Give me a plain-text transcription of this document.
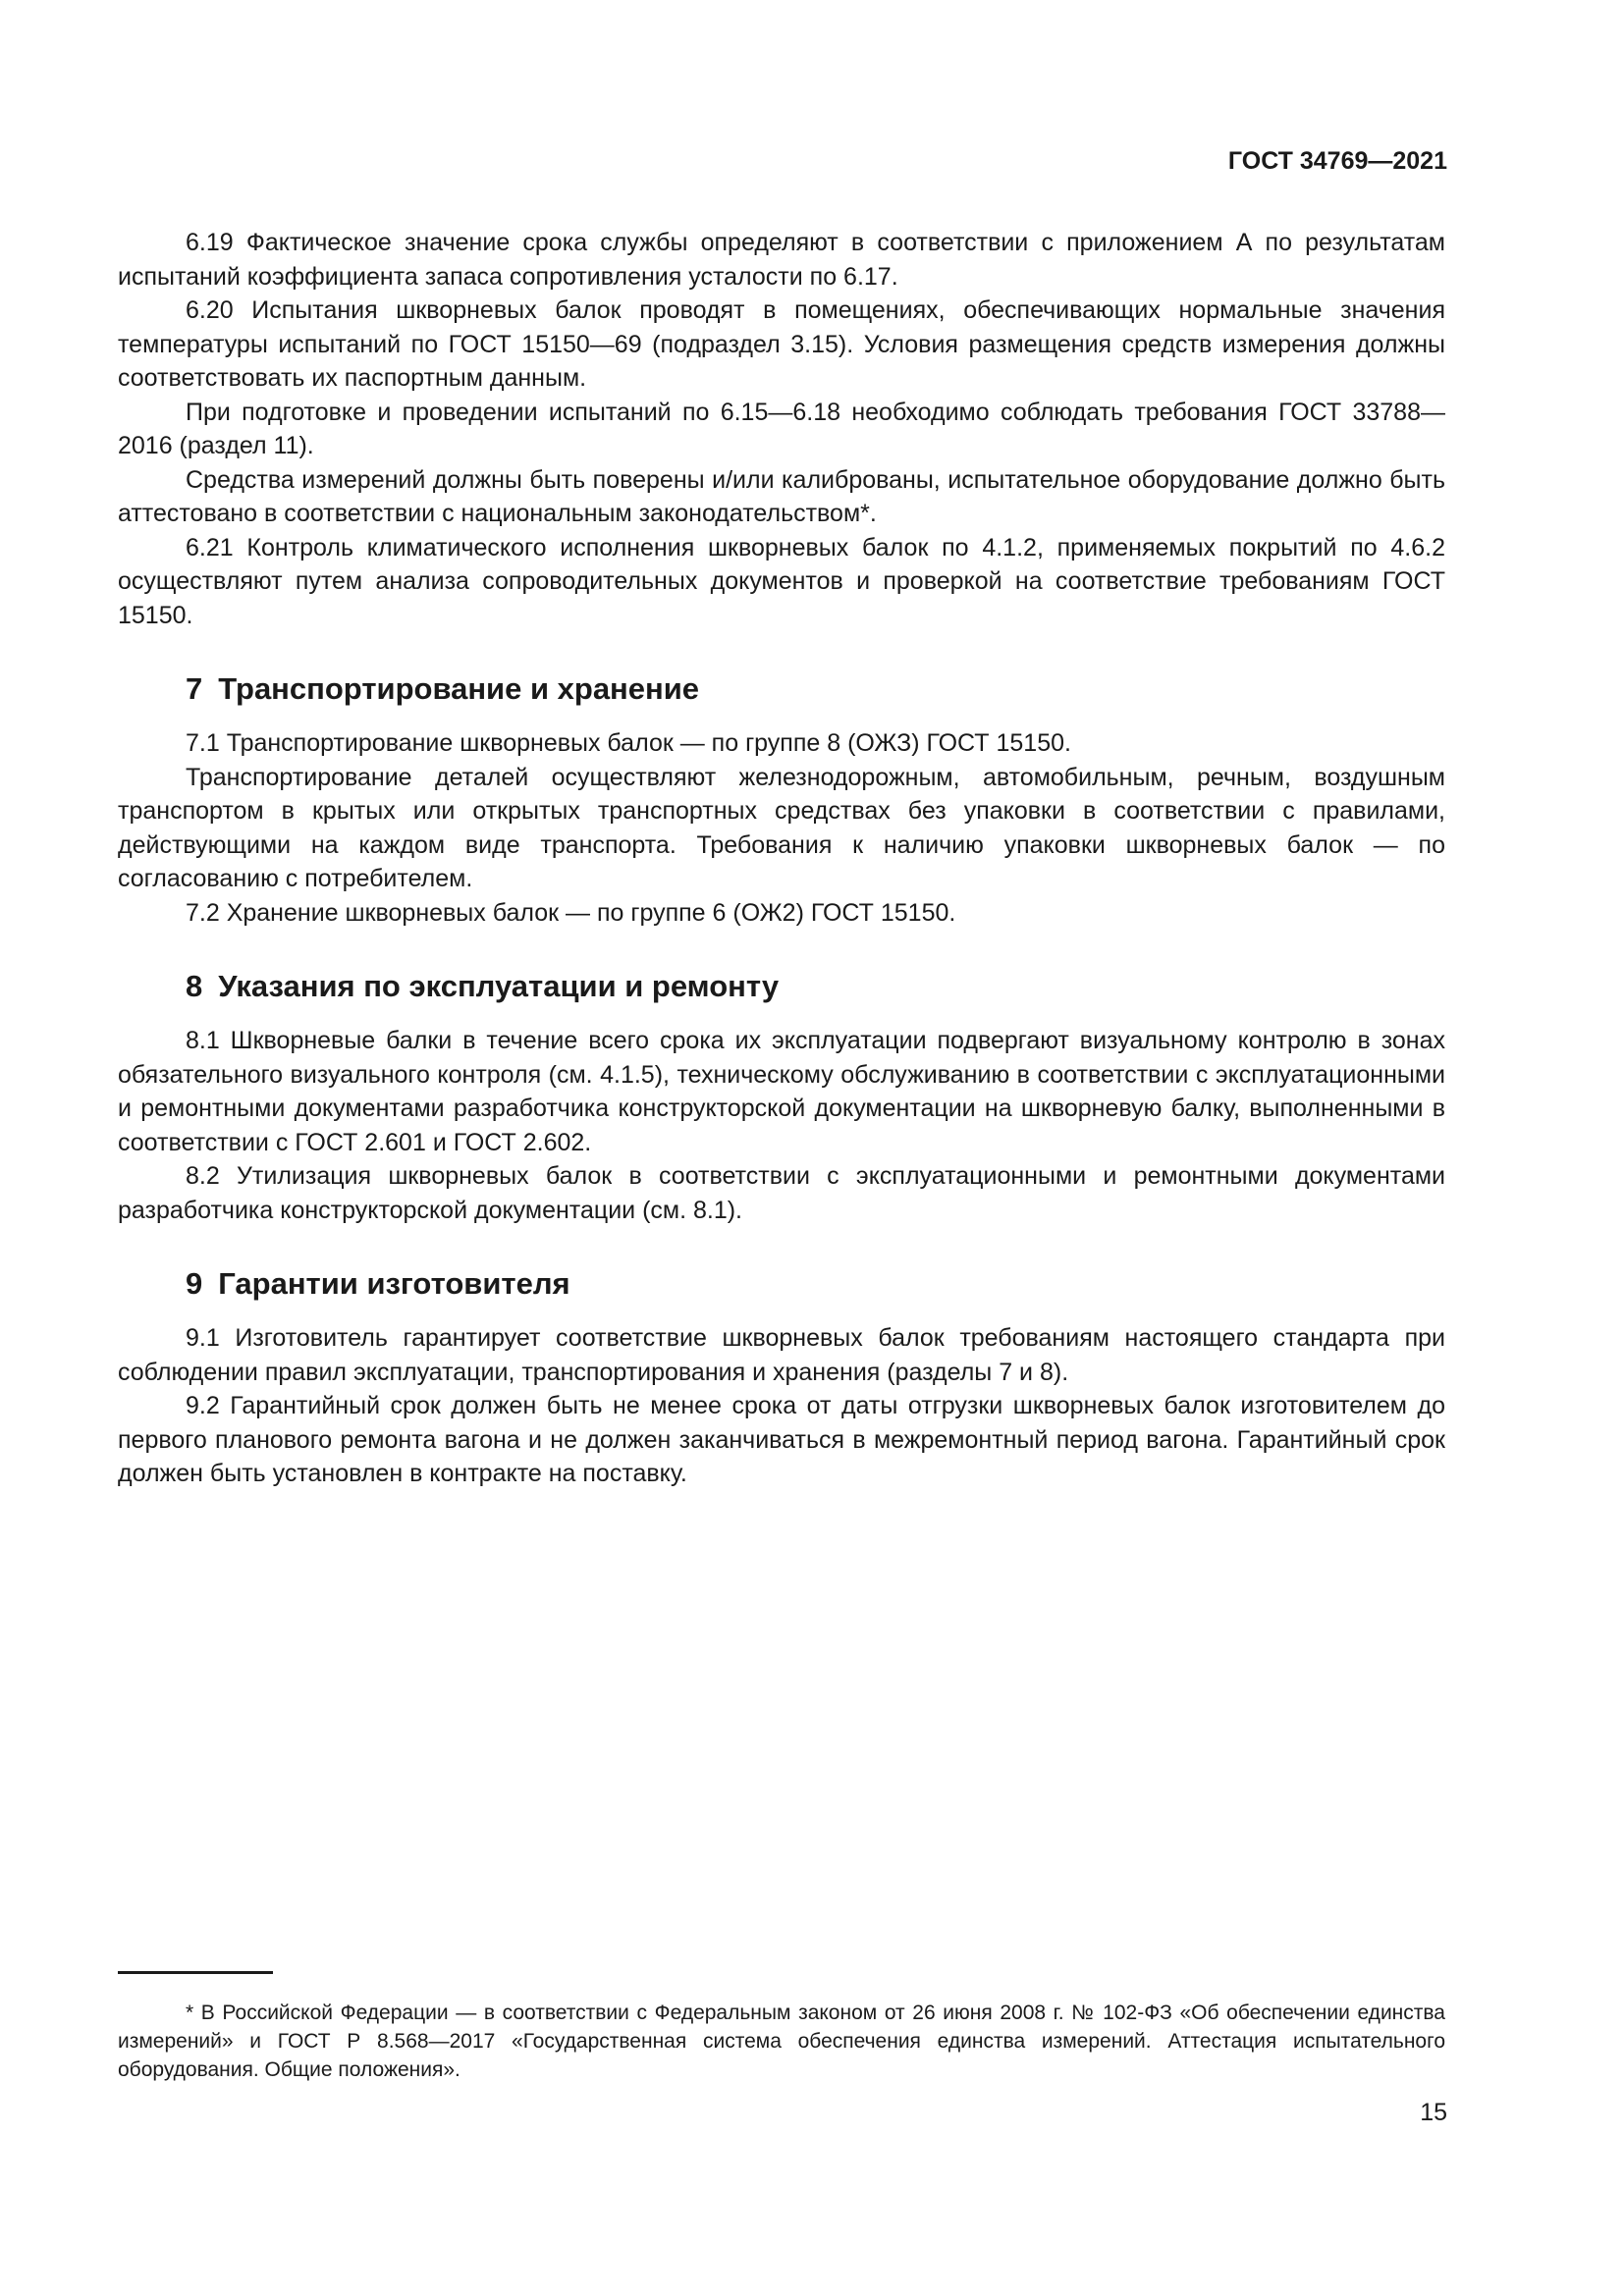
ГОСТ 34769—2021

6.19 Фактическое значение срока службы определяют в соответствии с приложением А по результатам испытаний коэффициента запаса сопротивления усталости по 6.17.

6.20 Испытания шкворневых балок проводят в помещениях, обеспечивающих нормальные значения температуры испытаний по ГОСТ 15150—69 (подраздел 3.15). Условия размещения средств измерения должны соответствовать их паспортным данным.

При подготовке и проведении испытаний по 6.15—6.18 необходимо соблюдать требования ГОСТ 33788—2016 (раздел 11).

Средства измерений должны быть поверены и/или калиброваны, испытательное оборудование должно быть аттестовано в соответствии с национальным законодательством*.

6.21 Контроль климатического исполнения шкворневых балок по 4.1.2, применяемых покрытий по 4.6.2 осуществляют путем анализа сопроводительных документов и проверкой на соответствие требованиям ГОСТ 15150.

7 Транспортирование и хранение

7.1 Транспортирование шкворневых балок — по группе 8 (ОЖЗ) ГОСТ 15150.

Транспортирование деталей осуществляют железнодорожным, автомобильным, речным, воздушным транспортом в крытых или открытых транспортных средствах без упаковки в соответствии с правилами, действующими на каждом виде транспорта. Требования к наличию упаковки шкворневых балок — по согласованию с потребителем.

7.2 Хранение шкворневых балок — по группе 6 (ОЖ2) ГОСТ 15150.

8 Указания по эксплуатации и ремонту

8.1 Шкворневые балки в течение всего срока их эксплуатации подвергают визуальному контролю в зонах обязательного визуального контроля (см. 4.1.5), техническому обслуживанию в соответствии с эксплуатационными и ремонтными документами разработчика конструкторской документации на шкворневую балку, выполненными в соответствии с ГОСТ 2.601 и ГОСТ 2.602.

8.2 Утилизация шкворневых балок в соответствии с эксплуатационными и ремонтными документами разработчика конструкторской документации (см. 8.1).

9 Гарантии изготовителя

9.1 Изготовитель гарантирует соответствие шкворневых балок требованиям настоящего стандарта при соблюдении правил эксплуатации, транспортирования и хранения (разделы 7 и 8).

9.2 Гарантийный срок должен быть не менее срока от даты отгрузки шкворневых балок изготовителем до первого планового ремонта вагона и не должен заканчиваться в межремонтный период вагона. Гарантийный срок должен быть установлен в контракте на поставку.

* В Российской Федерации — в соответствии с Федеральным законом от 26 июня 2008 г. № 102-ФЗ «Об обеспечении единства измерений» и ГОСТ Р 8.568—2017 «Государственная система обеспечения единства измерений. Аттестация испытательного оборудования. Общие положения».

15
